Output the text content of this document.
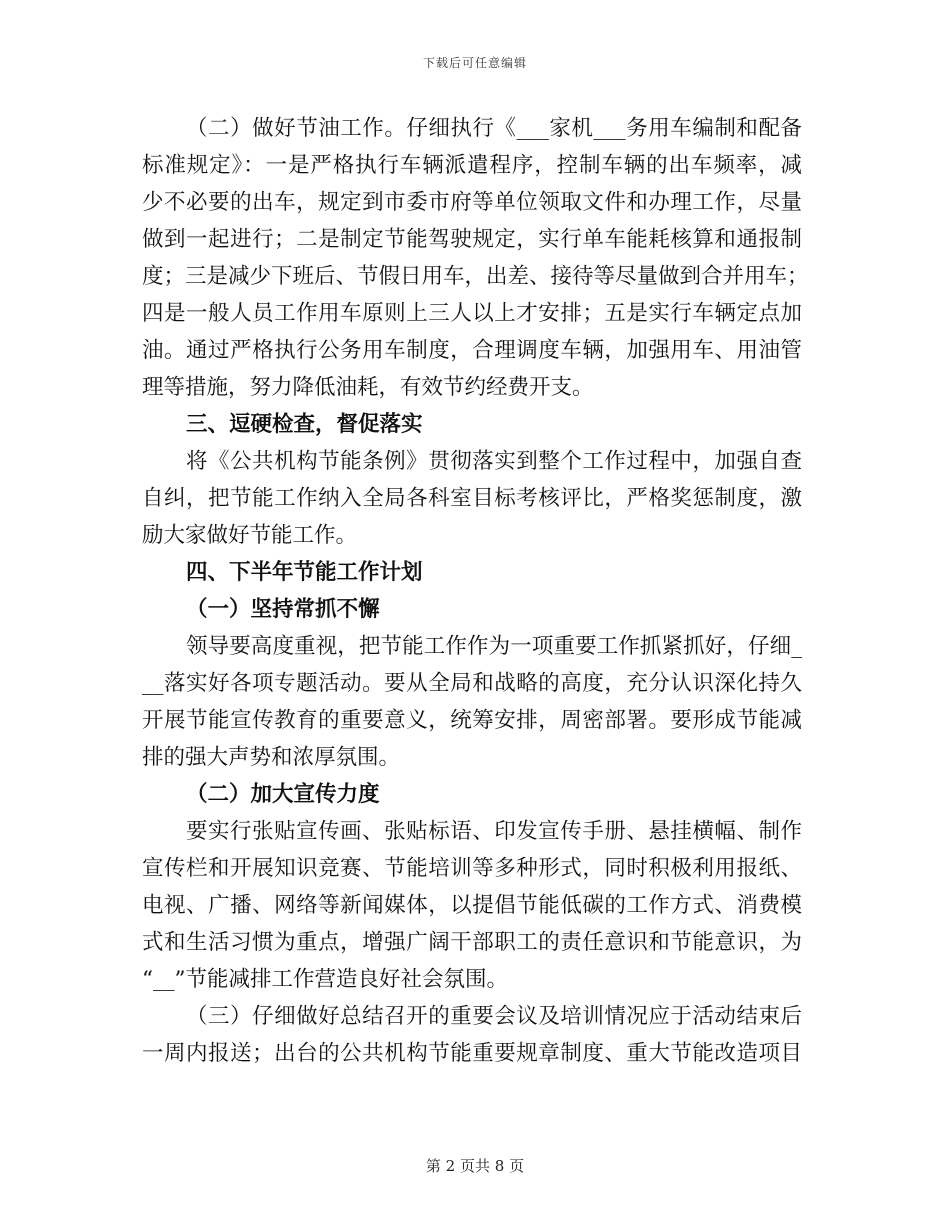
下载后可任意编辑
（二）做好节油工作。仔细执行《___家机___务用车编制和配备
标准规定》：一是严格执行车辆派遣程序，控制车辆的出车频率，减
少不必要的出车，规定到市委市府等单位领取文件和办理工作，尽量
做到一起进行；二是制定节能驾驶规定，实行单车能耗核算和通报制
度；三是减少下班后、节假日用车，出差、接待等尽量做到合并用车；
四是一般人员工作用车原则上三人以上才安排；五是实行车辆定点加
油。通过严格执行公务用车制度，合理调度车辆，加强用车、用油管
理等措施，努力降低油耗，有效节约经费开支。
三、逗硬检查，督促落实
将《公共机构节能条例》贯彻落实到整个工作过程中，加强自查
自纠，把节能工作纳入全局各科室目标考核评比，严格奖惩制度，激
励大家做好节能工作。
四、下半年节能工作计划
（一）坚持常抓不懈
领导要高度重视，把节能工作作为一项重要工作抓紧抓好，仔细_
__落实好各项专题活动。要从全局和战略的高度，充分认识深化持久
开展节能宣传教育的重要意义，统筹安排，周密部署。要形成节能减
排的强大声势和浓厚氛围。
（二）加大宣传力度
要实行张贴宣传画、张贴标语、印发宣传手册、悬挂横幅、制作
宣传栏和开展知识竞赛、节能培训等多种形式，同时积极利用报纸、
电视、广播、网络等新闻媒体，以提倡节能低碳的工作方式、消费模
式和生活习惯为重点，增强广阔干部职工的责任意识和节能意识，为
“__”节能减排工作营造良好社会氛围。
（三）仔细做好总结召开的重要会议及培训情况应于活动结束后
一周内报送；出台的公共机构节能重要规章制度、重大节能改造项目
第 2 页共 8 页
